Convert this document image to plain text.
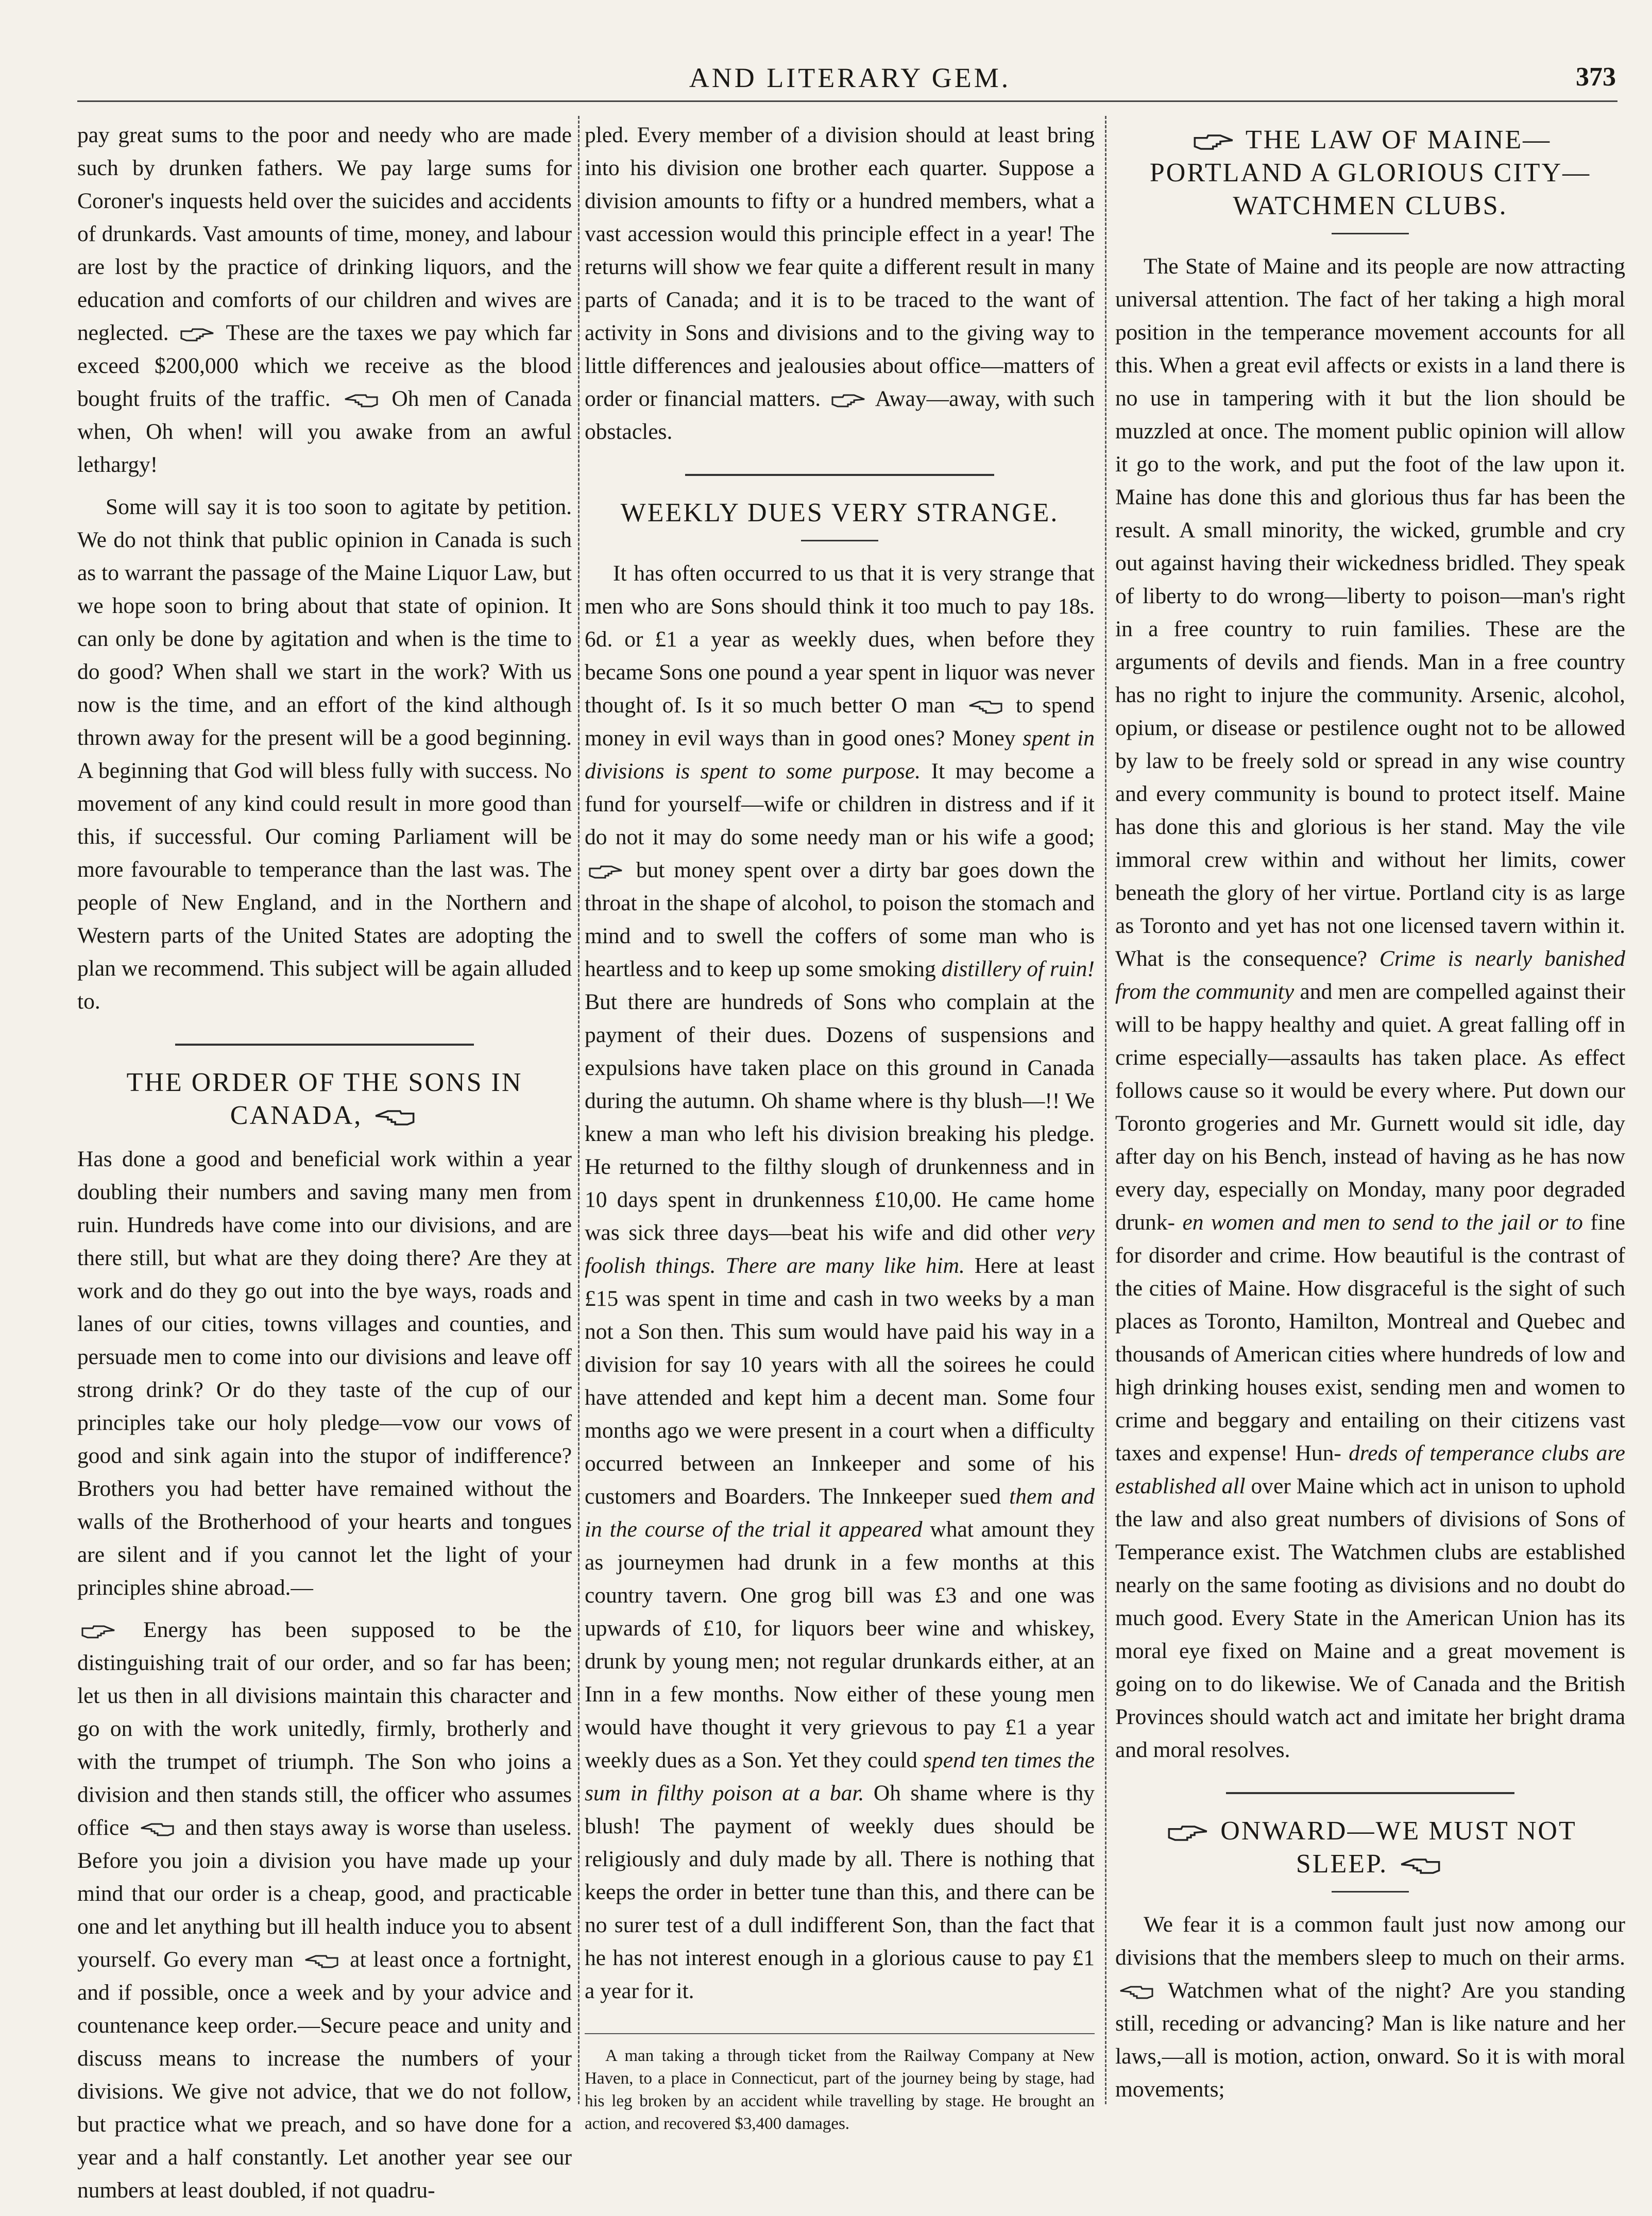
AND LITERARY GEM.	373

pay great sums to the poor and needy who are made such by drunken fathers. We pay large sums for Coroner's inquests held over the suicides and accidents of drunkards. Vast amounts of time, money, and labour are lost by the practice of drinking liquors, and the education and comforts of our children and wives are neglected.	These are the taxes we pay which far exceed $200,000 which we receive as the blood bought fruits of the traffic.	Oh men of Canada when, Oh when! will you awake from an awful lethargy!

Some will say it is too soon to agitate by petition. We do not think that public opinion in Canada is such as to warrant the passage of the Maine Liquor Law, but we hope soon to bring about that state of opinion. It can only be done by agitation and when is the time to do good? When shall we start in the work? With us now is the time, and an effort of the kind although thrown away for the present will be a good beginning. A beginning that God will bless fully with success. No movement of any kind could result in more good than this, if successful. Our coming Parliament will be more favourable to temperance than the last was. The people of New England, and in the Northern and Western parts of the United States are adopting the plan we recommend. This subject will be again alluded to.

THE ORDER OF THE SONS IN CANADA,

Has done a good and beneficial work within a year doubling their numbers and saving many men from ruin. Hundreds have come into our divisions, and are there still, but what are they doing there? Are they at work and do they go out into the bye ways, roads and lanes of our cities, towns villages and counties, and persuade men to come into our divisions and leave off strong drink? Or do they taste of the cup of our principles take our holy pledge—vow our vows of good and sink again into the stupor of indifference? Brothers you had better have remained without the walls of the Brotherhood of your hearts and tongues are silent and if you cannot let the light of your principles shine abroad.—

Energy has been supposed to be the distinguishing trait of our order, and so far has been; let us then in all divisions maintain this character and go on with the work unitedly, firmly, brotherly and with the trumpet of triumph. The Son who joins a division and then stands still, the officer who assumes office and then stays away is worse than useless. Before you join a division you have made up your mind that our order is a cheap, good, and practicable one and let anything but ill health induce you to absent yourself. Go every man	at least once a fortnight, and if possible, once a week and by your advice and countenance keep order.—Secure peace and unity and discuss means to increase the numbers of your divisions. We give not advice, that we do not follow, but practice what we preach, and so have done for a year and a half constantly. Let another year see our numbers at least doubled, if not quadru-

pled. Every member of a division should at least bring into his division one brother each quarter. Suppose a division amounts to fifty or a hundred members, what a vast accession would this principle effect in a year! The returns will show we fear quite a different result in many parts of Canada; and it is to be traced to the want of activity in Sons and divisions and to the giving way to little differences and jealousies about office—matters of order or financial matters. Away—away, with such obstacles.

WEEKLY DUES VERY STRANGE.

It has often occurred to us that it is very strange that men who are Sons should think it too much to pay 18s. 6d. or £1 a year as weekly dues, when before they became Sons one pound a year spent in liquor was never thought of. Is it so much better O man	to spend money in evil ways than in good ones? Money spent in divisions is spent to some purpose. It may become a fund for yourself—wife or children in distress and if it do not it may do some needy man or his wife a good;
but money spent over a dirty bar goes down the throat in the shape of alcohol, to poison the stomach and mind and to swell the coffers of some man who is heartless and to keep up some smoking distillery of ruin! But there are hundreds of Sons who complain at the payment of their dues. Dozens of suspensions and expulsions have taken place on this ground in Canada during the autumn. Oh shame where is thy blush—!! We knew a man who left his division breaking his pledge. He returned to the filthy slough of drunkenness and in 10 days spent in drunkenness £10,00. He came home was sick three days—beat his wife and did other very foolish things. There are many like him. Here at least £15 was spent in time and cash in two weeks by a man not a Son then. This sum would have paid his way in a division for say 10 years with all the soirees he could have attended and kept him a decent man. Some four months ago we were present in a court when a difficulty occurred between an Innkeeper and some of his customers and Boarders. The Innkeeper sued them and in the course of the trial it appeared what amount they as journeymen had drunk in a few months at this country tavern. One grog bill was £3 and one was upwards of £10, for liquors beer wine and whiskey, drunk by young men; not regular drunkards either, at an Inn in a few months. Now either of these young men would have thought it very grievous to pay £1 a year weekly dues as a Son. Yet they could spend ten times the sum in filthy poison at a bar. Oh shame where is thy blush! The payment of weekly dues should be religiously and duly made by all. There is nothing that keeps the order in better tune than this, and there can be no surer test of a dull indifferent Son, than the fact that he has not interest enough in a glorious cause to pay £1 a year for it.

A man taking a through ticket from the Railway Company at New Haven, to a place in Connecticut, part of the journey being by stage, had his leg broken by an accident while travelling by stage. He brought an action, and recovered $3,400 damages.

THE LAW OF MAINE—PORTLAND A GLORIOUS CITY—WATCHMEN CLUBS.

The State of Maine and its people are now attracting universal attention. The fact of her taking a high moral position in the temperance movement accounts for all this. When a great evil affects or exists in a land there is no use in tampering with it but the lion should be muzzled at once. The moment public opinion will allow it go to the work, and put the foot of the law upon it. Maine has done this and glorious thus far has been the result. A small minority, the wicked, grumble and cry out against having their wickedness bridled. They speak of liberty to do wrong—liberty to poison—man's right in a free country to ruin families. These are the arguments of devils and fiends. Man in a free country has no right to injure the community. Arsenic, alcohol, opium, or disease or pestilence ought not to be allowed by law to be freely sold or spread in any wise country and every community is bound to protect itself. Maine has done this and glorious is her stand. May the vile immoral crew within and without her limits, cower beneath the glory of her virtue. Portland city is as large as Toronto and yet has not one licensed tavern within it. What is the consequence? Crime is nearly banished from the community and men are compelled against their will to be happy healthy and quiet. A great falling off in crime especially—assaults has taken place. As effect follows cause so it would be every where. Put down our Toronto grogeries and Mr. Gurnett would sit idle, day after day on his Bench, instead of having as he has now every day, especially on Monday, many poor degraded drunk- en women and men to send to the jail or to fine for disorder and crime. How beautiful is the contrast of the cities of Maine. How disgraceful is the sight of such places as Toronto, Hamilton, Montreal and Quebec and thousands of American cities where hundreds of low and high drinking houses exist, sending men and women to crime and beggary and entailing on their citizens vast taxes and expense! Hun- dreds of temperance clubs are established all over Maine which act in unison to uphold the law and also great numbers of divisions of Sons of Temperance exist. The Watchmen clubs are established nearly on the same footing as divisions and no doubt do much good. Every State in the American Union has its moral eye fixed on Maine and a great movement is going on to do likewise. We of Canada and the British Provinces should watch act and imitate her bright drama and moral resolves.

ONWARD—WE MUST NOT SLEEP.

We fear it is a common fault just now among our divisions that the members sleep to much on their arms.
Watchmen what of the night? Are you standing still, receding or advancing? Man is like nature and her laws,—all is motion, action, onward. So it is with moral movements;
